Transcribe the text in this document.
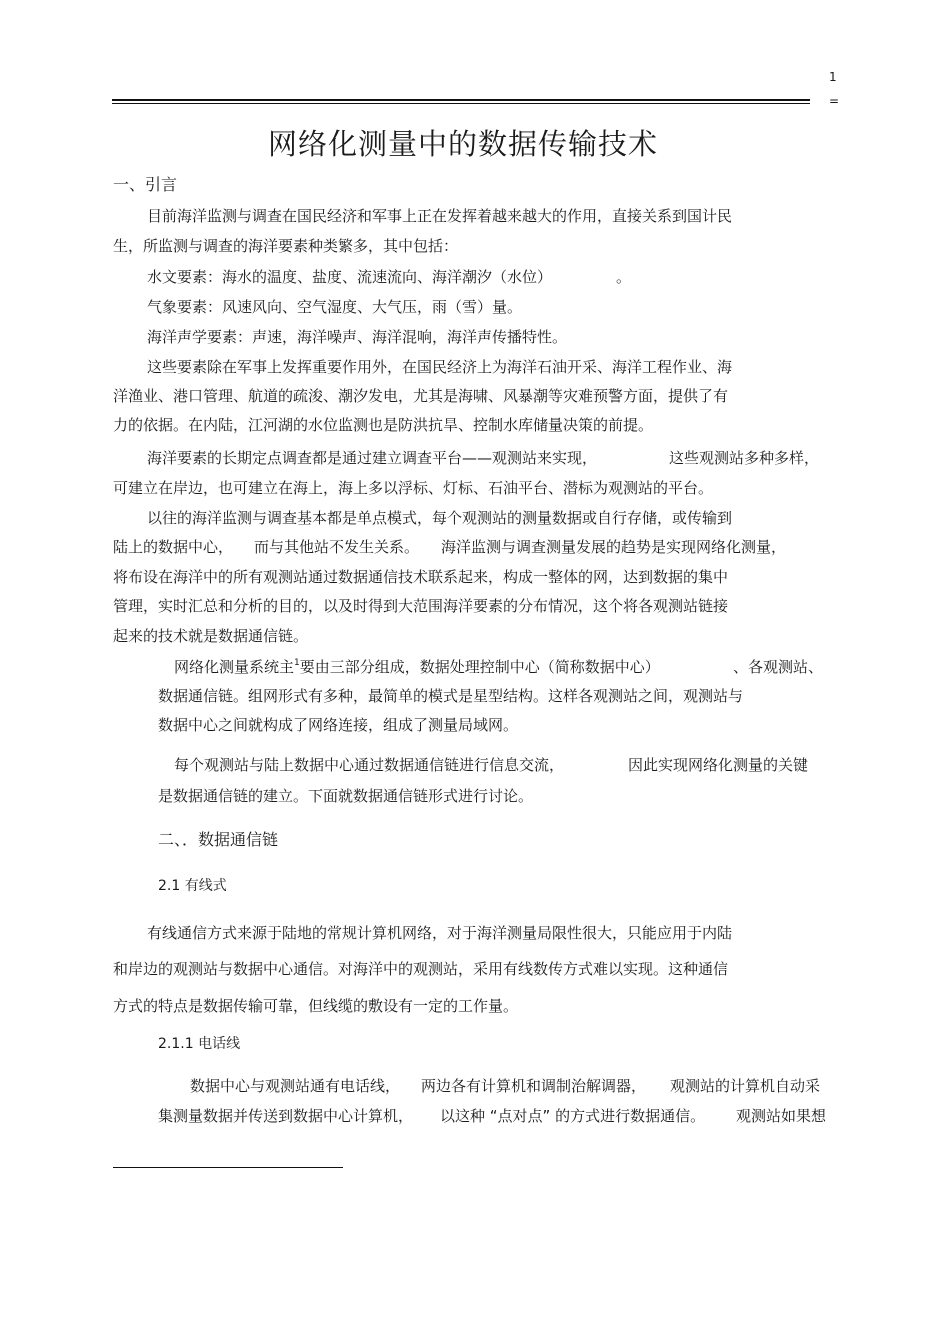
1
=
网络化测量中的数据传输技术
一、引言
目前海洋监测与调查在国民经济和军事上正在发挥着越来越大的作用，直接关系到国计民
生，所监测与调查的海洋要素种类繁多，其中包括：
水文要素：海水的温度、盐度、流速流向、海洋潮汐（水位）	。
气象要素：风速风向、空气湿度、大气压，雨（雪）量。
海洋声学要素：声速，海洋噪声、海洋混响，海洋声传播特性。
这些要素除在军事上发挥重要作用外，在国民经济上为海洋石油开采、海洋工程作业、海
洋渔业、港口管理、航道的疏浚、潮汐发电，尤其是海啸、风暴潮等灾难预警方面，提供了有
力的依据。在内陆，江河湖的水位监测也是防洪抗旱、控制水库储量决策的前提。
海洋要素的长期定点调查都是通过建立调查平台——观测站来实现，	这些观测站多种多样，
可建立在岸边，也可建立在海上，海上多以浮标、灯标、石油平台、潜标为观测站的平台。
以往的海洋监测与调查基本都是单点模式，每个观测站的测量数据或自行存储，或传输到
陆上的数据中心， 而与其他站不发生关系。 海洋监测与调查测量发展的趋势是实现网络化测量，
将布设在海洋中的所有观测站通过数据通信技术联系起来，构成一整体的网，达到数据的集中
管理，实时汇总和分析的目的，以及时得到大范围海洋要素的分布情况，这个将各观测站链接
起来的技术就是数据通信链。
网络化测量系统主$^1$要由三部分组成，数据处理控制中心（简称数据中心）	、各观测站、
数据通信链。组网形式有多种，最简单的模式是星型结构。这样各观测站之间，观测站与
数据中心之间就构成了网络连接，组成了测量局域网。
每个观测站与陆上数据中心通过数据通信链进行信息交流，	因此实现网络化测量的关键
是数据通信链的建立。下面就数据通信链形式进行讨论。
二、．数据通信链
2.1 有线式
有线通信方式来源于陆地的常规计算机网络，对于海洋测量局限性很大，只能应用于内陆
和岸边的观测站与数据中心通信。对海洋中的观测站，采用有线数传方式难以实现。这种通信
方式的特点是数据传输可靠，但线缆的敷设有一定的工作量。
2.1.1 电话线
数据中心与观测站通有电话线， 两边各有计算机和调制治解调器， 观测站的计算机自动采
集测量数据并传送到数据中心计算机， 以这种 “点对点” 的方式进行数据通信。 观测站如果想
